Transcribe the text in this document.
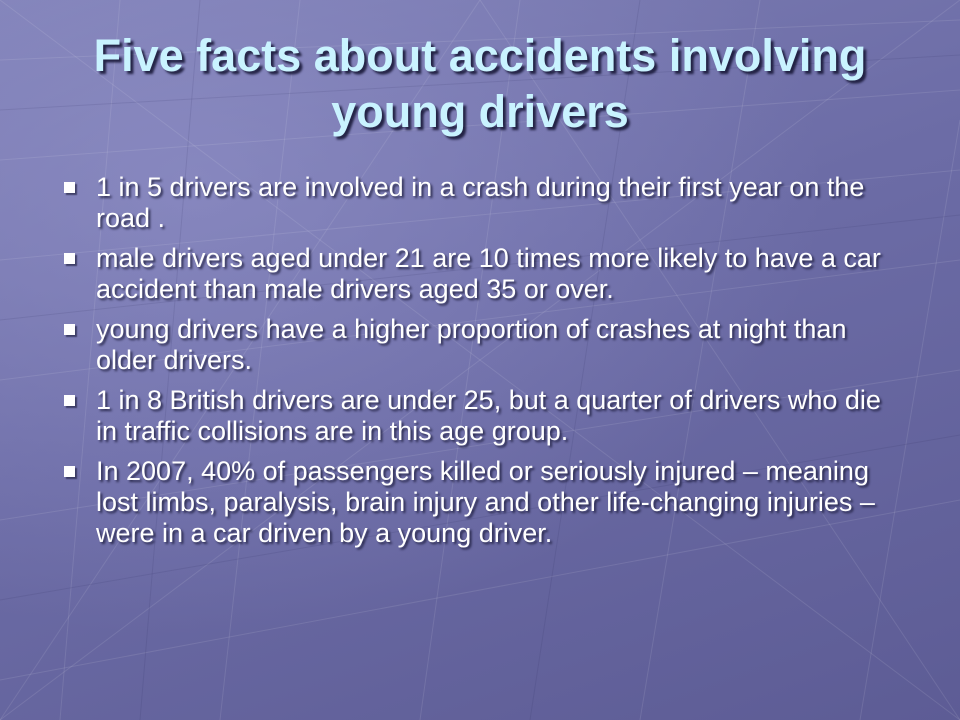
Five facts about accidents involving young drivers
1 in 5 drivers are involved in a crash during their first year on the road .
male drivers aged under 21 are 10 times more likely to have a car accident than male drivers aged 35 or over.
young drivers have a higher proportion of crashes at night than older drivers.
1 in 8 British drivers are under 25, but a quarter of drivers who die in traffic collisions are in this age group.
In 2007, 40% of passengers killed or seriously injured – meaning lost limbs, paralysis, brain injury and other life-changing injuries – were in a car driven by a young driver.
